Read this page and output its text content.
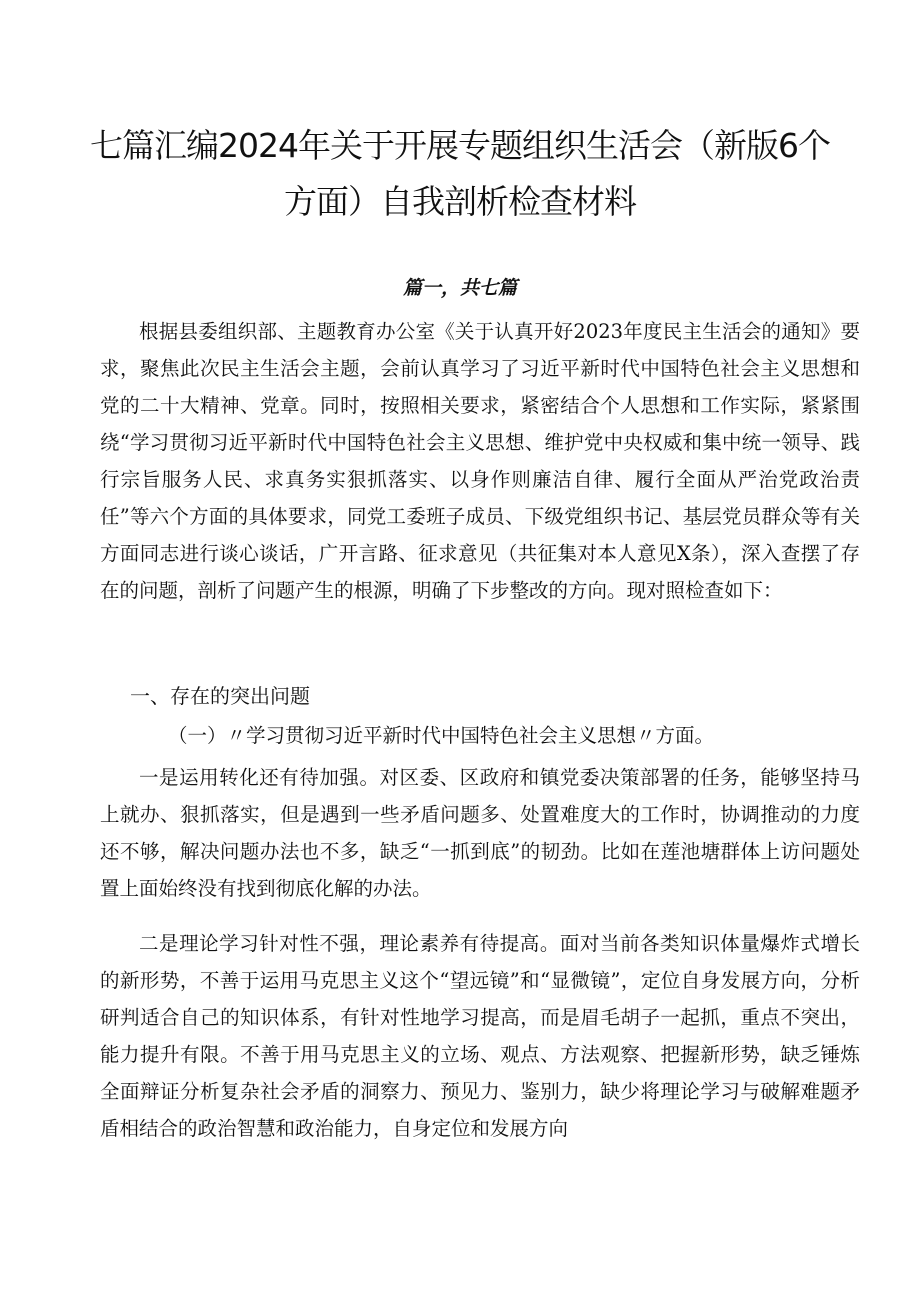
七篇汇编2024年关于开展专题组织生活会（新版6个方面）自我剖析检查材料
篇一，共七篇

根据县委组织部、主题教育办公室《关于认真开好2023年度民主生活会的通知》要求，聚焦此次民主生活会主题，会前认真学习了习近平新时代中国特色社会主义思想和党的二十大精神、党章。同时，按照相关要求，紧密结合个人思想和工作实际，紧紧围绕“学习贯彻习近平新时代中国特色社会主义思想、维护党中央权威和集中统一领导、践行宗旨服务人民、求真务实狠抓落实、以身作则廉洁自律、履行全面从严治党政治责任”等六个方面的具体要求，同党工委班子成员、下级党组织书记、基层党员群众等有关方面同志进行谈心谈话，广开言路、征求意见（共征集对本人意见X条），深入查摆了存在的问题，剖析了问题产生的根源，明确了下步整改的方向。现对照检查如下：

一、存在的突出问题

（一）〃学习贯彻习近平新时代中国特色社会主义思想〃方面。

一是运用转化还有待加强。对区委、区政府和镇党委决策部署的任务，能够坚持马上就办、狠抓落实，但是遇到一些矛盾问题多、处置难度大的工作时，协调推动的力度还不够，解决问题办法也不多，缺乏“一抓到底”的韧劲。比如在莲池塘群体上访问题处置上面始终没有找到彻底化解的办法。

二是理论学习针对性不强，理论素养有待提高。面对当前各类知识体量爆炸式增长的新形势，不善于运用马克思主义这个“望远镜”和“显微镜”，定位自身发展方向，分析研判适合自己的知识体系，有针对性地学习提高，而是眉毛胡子一起抓，重点不突出，能力提升有限。不善于用马克思主义的立场、观点、方法观察、把握新形势，缺乏锤炼全面辩证分析复杂社会矛盾的洞察力、预见力、鉴别力，缺少将理论学习与破解难题矛盾相结合的政治智慧和政治能力，自身定位和发展方向
